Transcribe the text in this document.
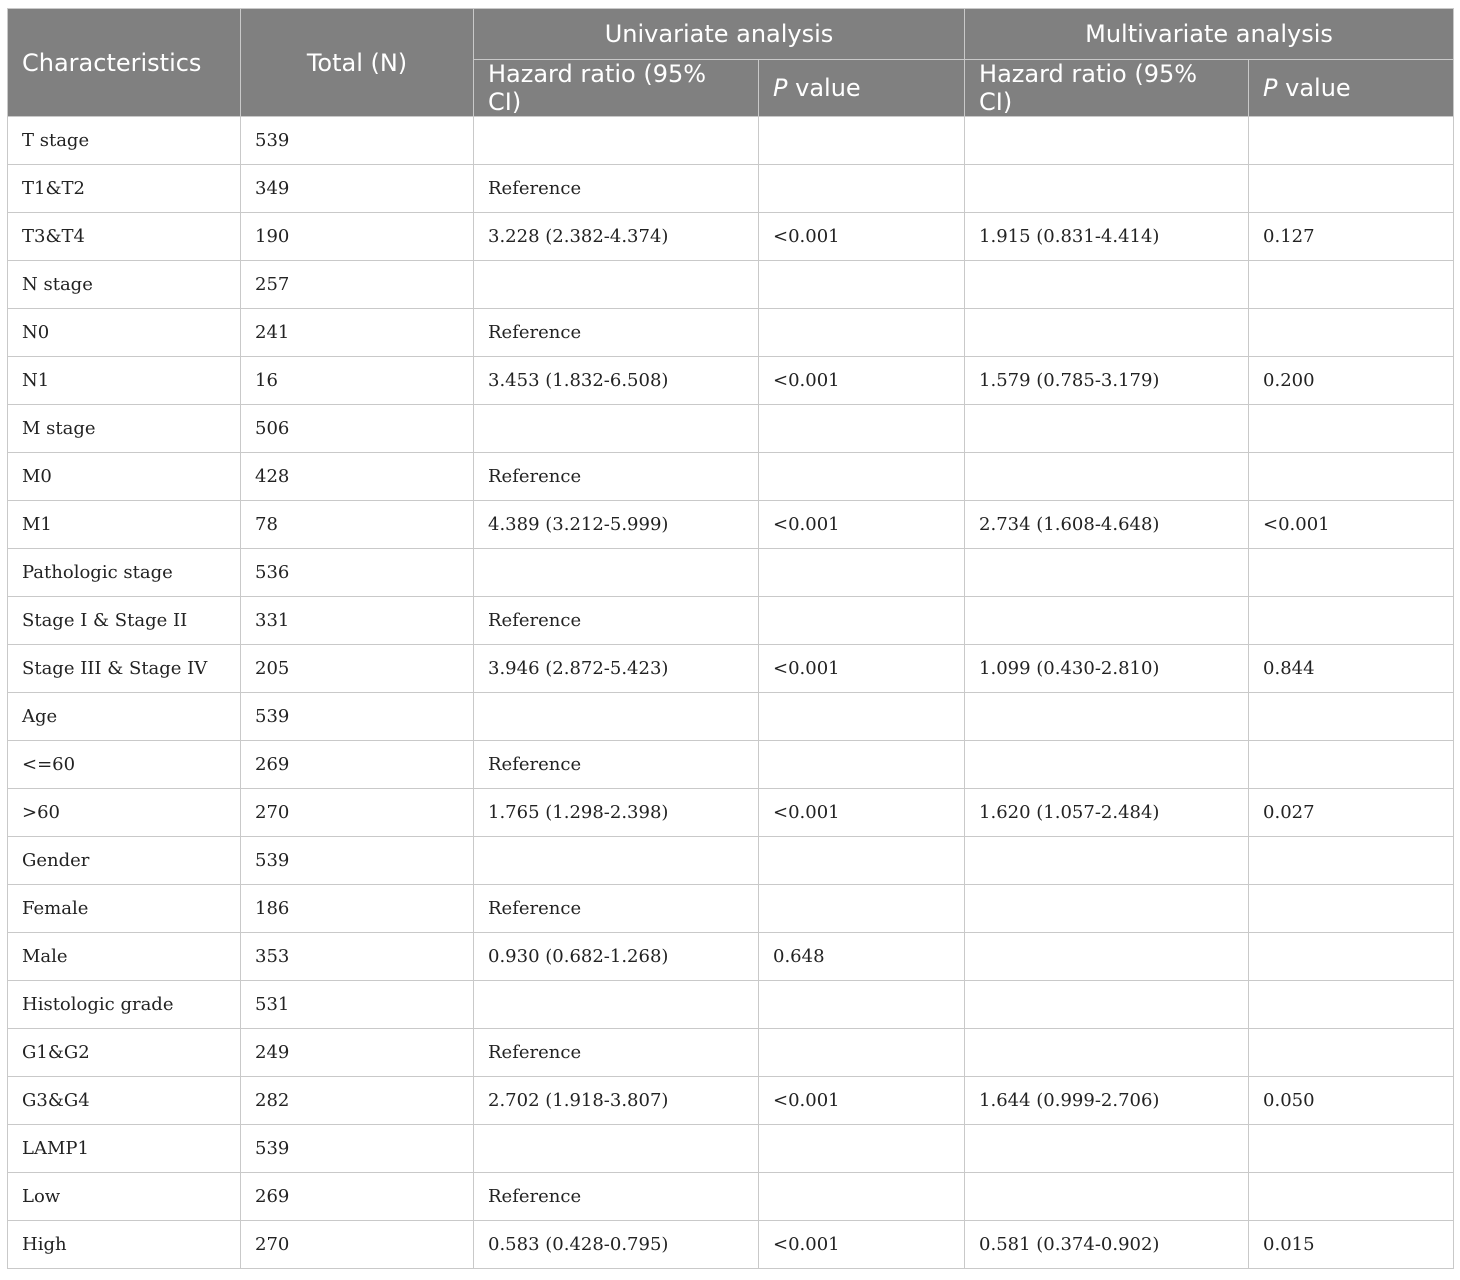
Characteristics	Total (N)	Univariate analysis		Multivariate analysis	
		Hazard ratio (95% CI)	P value	Hazard ratio (95% CI)	P value
T stage	539				
T1&T2	349	Reference			
T3&T4	190	3.228 (2.382-4.374)	<0.001	1.915 (0.831-4.414)	0.127
N stage	257				
N0	241	Reference			
N1	16	3.453 (1.832-6.508)	<0.001	1.579 (0.785-3.179)	0.200
M stage	506				
M0	428	Reference			
M1	78	4.389 (3.212-5.999)	<0.001	2.734 (1.608-4.648)	<0.001
Pathologic stage	536				
Stage I & Stage II	331	Reference			
Stage III & Stage IV	205	3.946 (2.872-5.423)	<0.001	1.099 (0.430-2.810)	0.844
Age	539				
<=60	269	Reference			
>60	270	1.765 (1.298-2.398)	<0.001	1.620 (1.057-2.484)	0.027
Gender	539				
Female	186	Reference			
Male	353	0.930 (0.682-1.268)	0.648		
Histologic grade	531				
G1&G2	249	Reference			
G3&G4	282	2.702 (1.918-3.807)	<0.001	1.644 (0.999-2.706)	0.050
LAMP1	539				
Low	269	Reference			
High	270	0.583 (0.428-0.795)	<0.001	0.581 (0.374-0.902)	0.015
